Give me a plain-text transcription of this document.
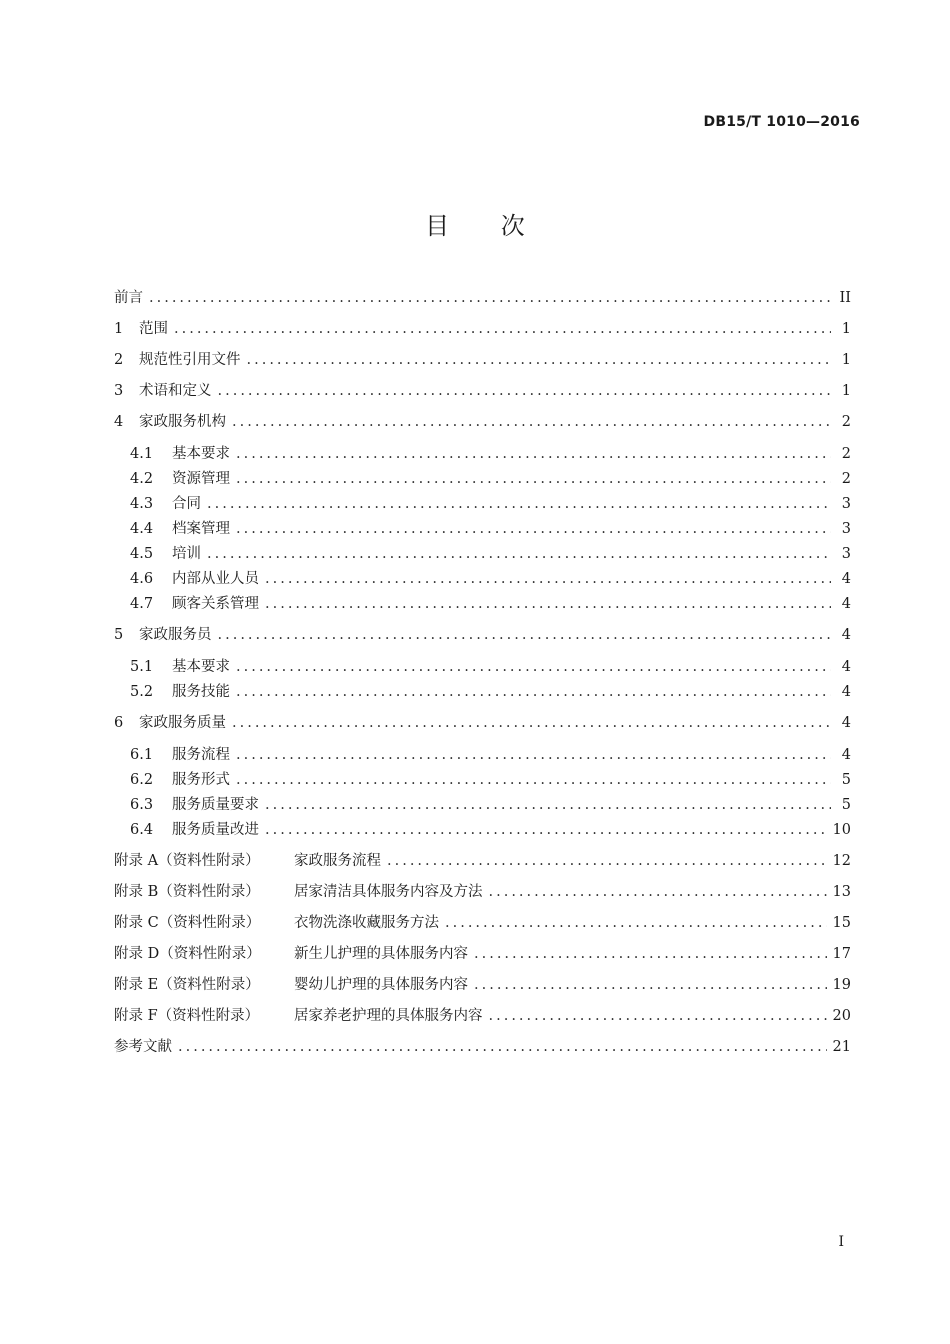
DB15/T 1010—2016
目 次
前言 .....	II
1 范围 .....	1
2 规范性引用文件 .....	1
3 术语和定义 .....	1
4 家政服务机构 .....	2
4.1 基本要求 .....	2
4.2 资源管理 .....	2
4.3 合同 .....	3
4.4 档案管理 .....	3
4.5 培训 .....	3
4.6 内部从业人员 .....	4
4.7 顾客关系管理 .....	4
5 家政服务员 .....	4
5.1 基本要求 .....	4
5.2 服务技能 .....	4
6 家政服务质量 .....	4
6.1 服务流程 .....	4
6.2 服务形式 .....	5
6.3 服务质量要求 .....	5
6.4 服务质量改进 .....	10
附录 A（资料性附录） 家政服务流程 .....	12
附录 B（资料性附录） 居家清洁具体服务内容及方法 .....	13
附录 C（资料性附录） 衣物洗涤收藏服务方法 .....	15
附录 D（资料性附录） 新生儿护理的具体服务内容 .....	17
附录 E（资料性附录） 婴幼儿护理的具体服务内容 .....	19
附录 F（资料性附录） 居家养老护理的具体服务内容 .....	20
参考文献 .....	21
I
